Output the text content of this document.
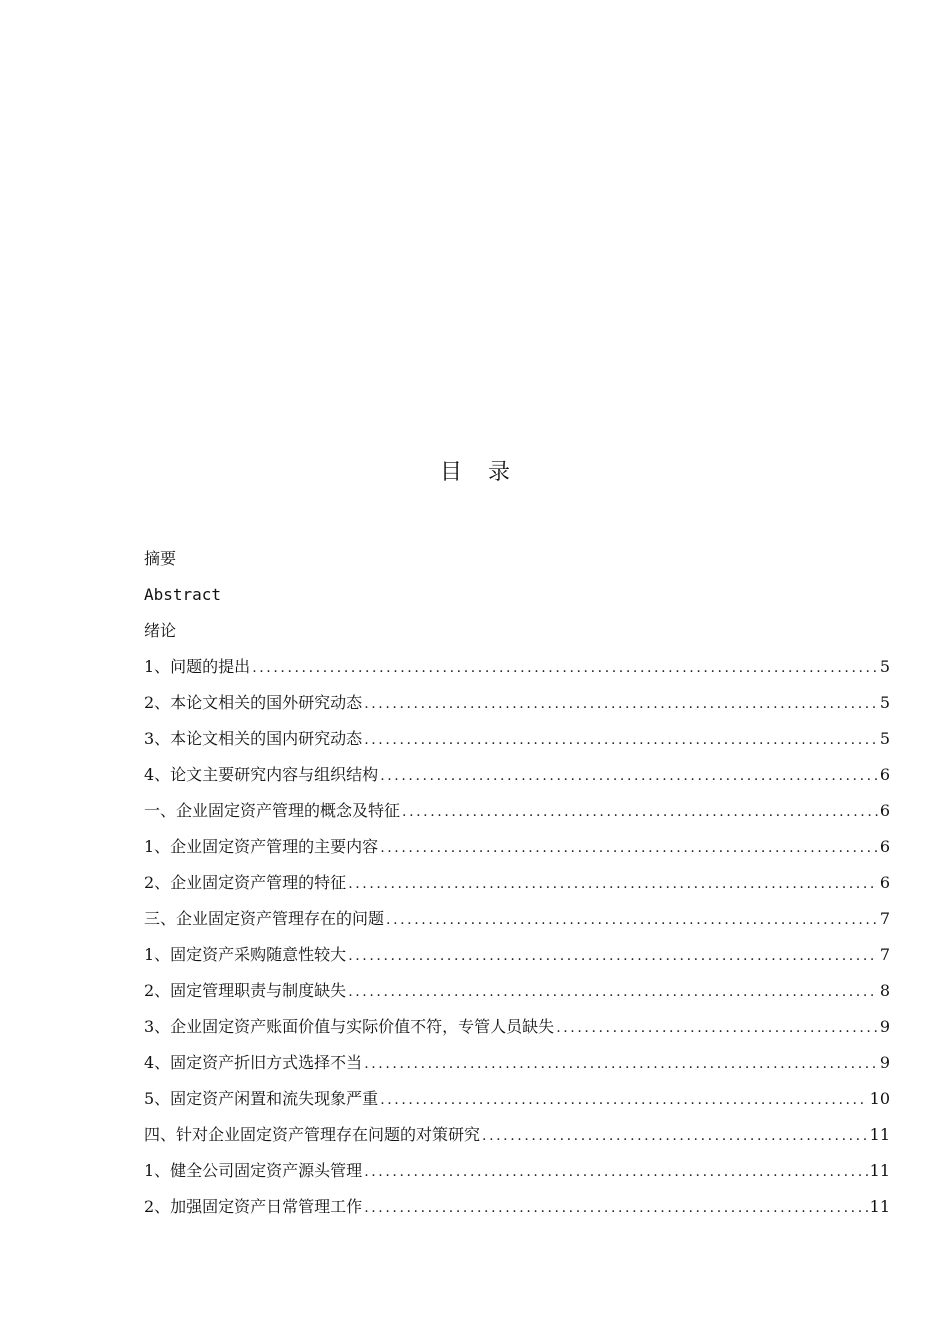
目 录
摘要
Abstract
绪论
1、问题的提出 .....	5
2、本论文相关的国外研究动态 .....	5
3、本论文相关的国内研究动态 .....	5
4、论文主要研究内容与组织结构 .....	6
一、企业固定资产管理的概念及特征 .....	6
1、企业固定资产管理的主要内容 .....	6
2、企业固定资产管理的特征 .....	6
三、企业固定资产管理存在的问题 .....	7
1、固定资产采购随意性较大 .....	7
2、固定管理职责与制度缺失 .....	8
3、企业固定资产账面价值与实际价值不符，专管人员缺失 .....	9
4、固定资产折旧方式选择不当 .....	9
5、固定资产闲置和流失现象严重 .....	10
四、针对企业固定资产管理存在问题的对策研究 .....	11
1、健全公司固定资产源头管理 .....	11
2、加强固定资产日常管理工作 .....	11
